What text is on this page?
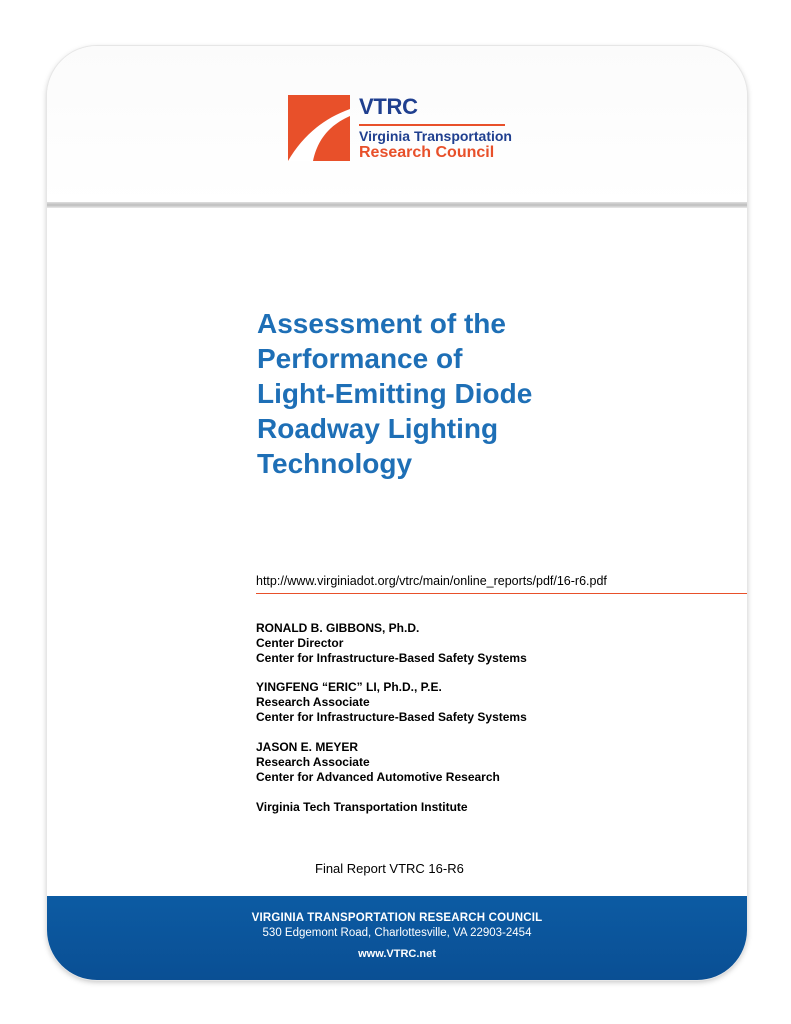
VTRC
Virginia Transportation
Research Council
Assessment of the
Performance of
Light-Emitting Diode
Roadway Lighting
Technology
http://www.virginiadot.org/vtrc/main/online_reports/pdf/16-r6.pdf
RONALD B. GIBBONS, Ph.D.
Center Director
Center for Infrastructure-Based Safety Systems
YINGFENG “ERIC” LI, Ph.D., P.E.
Research Associate
Center for Infrastructure-Based Safety Systems
JASON E. MEYER
Research Associate
Center for Advanced Automotive Research
Virginia Tech Transportation Institute
Final Report VTRC 16-R6
VIRGINIA TRANSPORTATION RESEARCH COUNCIL
530 Edgemont Road, Charlottesville, VA 22903-2454
www.VTRC.net
